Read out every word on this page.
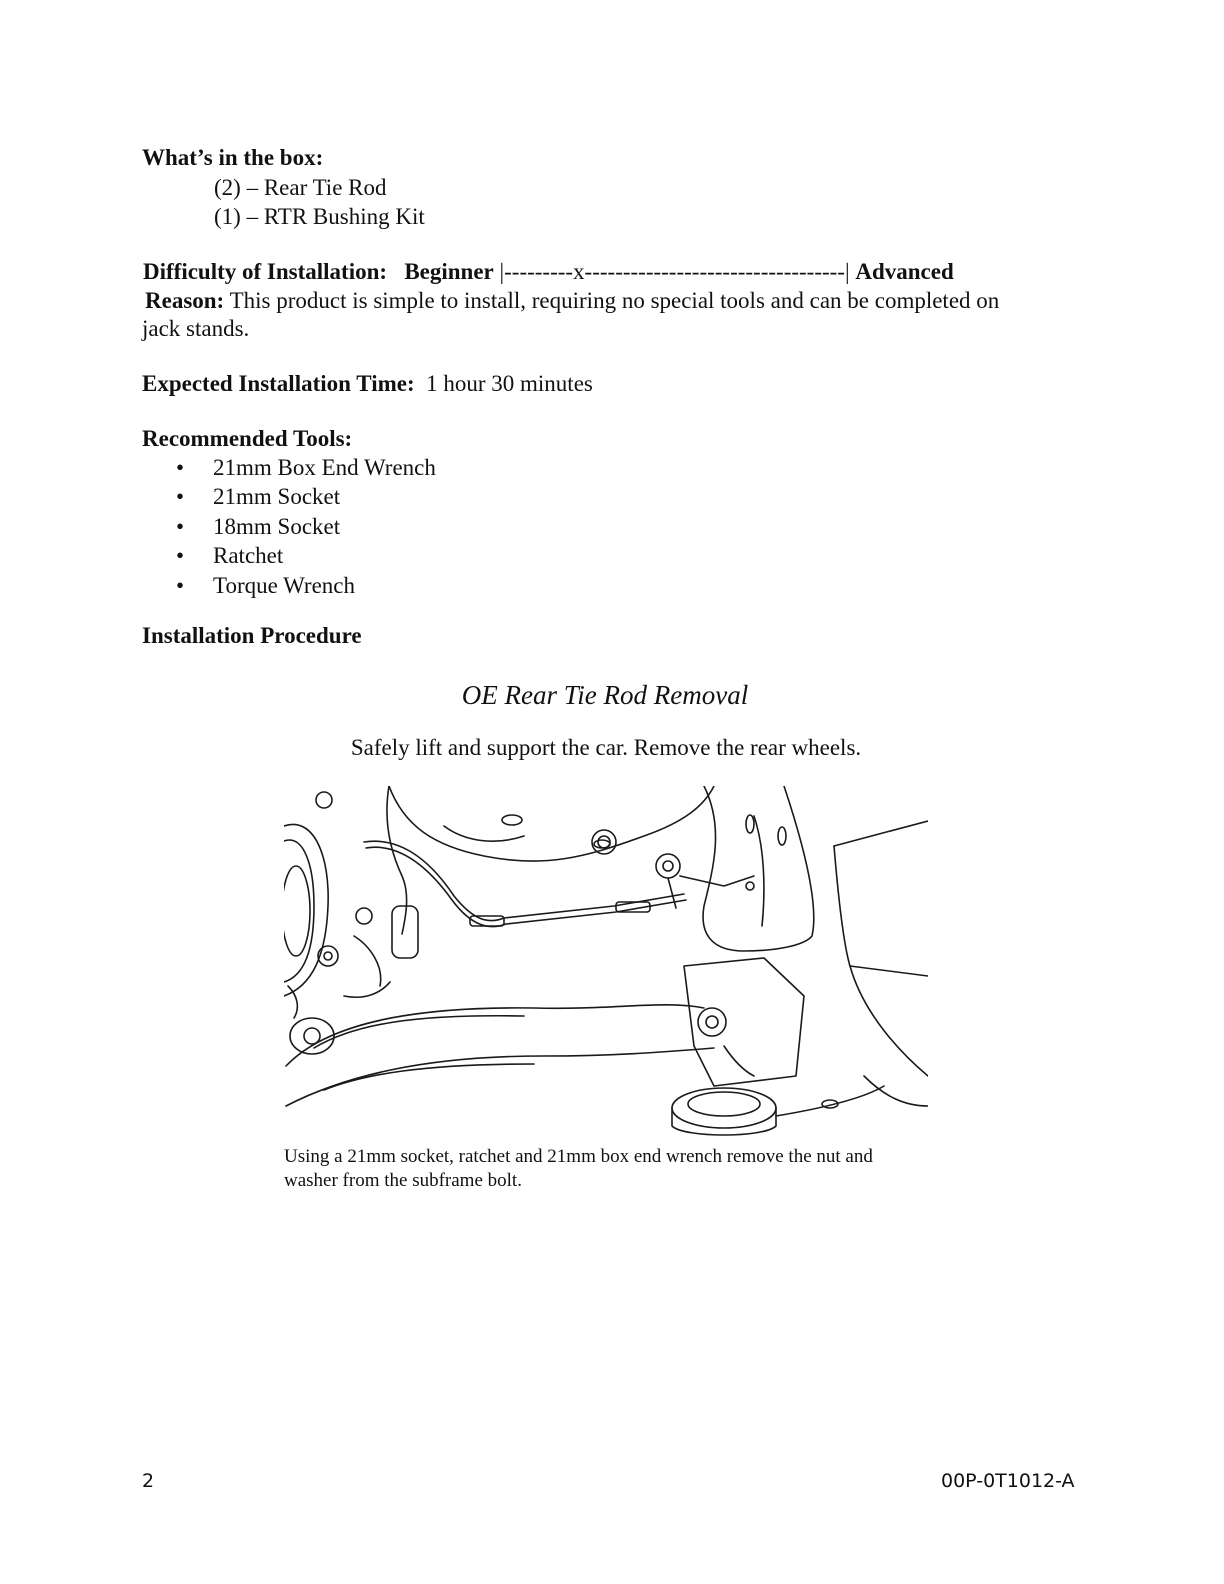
What’s in the box:

(2) – Rear Tie Rod

(1) – RTR Bushing Kit

Difficulty of Installation: Beginner |---------x----------------------------------| Advanced

Reason: This product is simple to install, requiring no special tools and can be completed on

jack stands.

Expected Installation Time: 1 hour 30 minutes

Recommended Tools:

• 21mm Box End Wrench

• 21mm Socket

• 18mm Socket

• Ratchet

• Torque Wrench

Installation Procedure

OE Rear Tie Rod Removal

Safely lift and support the car. Remove the rear wheels.

Using a 21mm socket, ratchet and 21mm box end wrench remove the nut and

washer from the subframe bolt.

2	00P-0T1012-A
